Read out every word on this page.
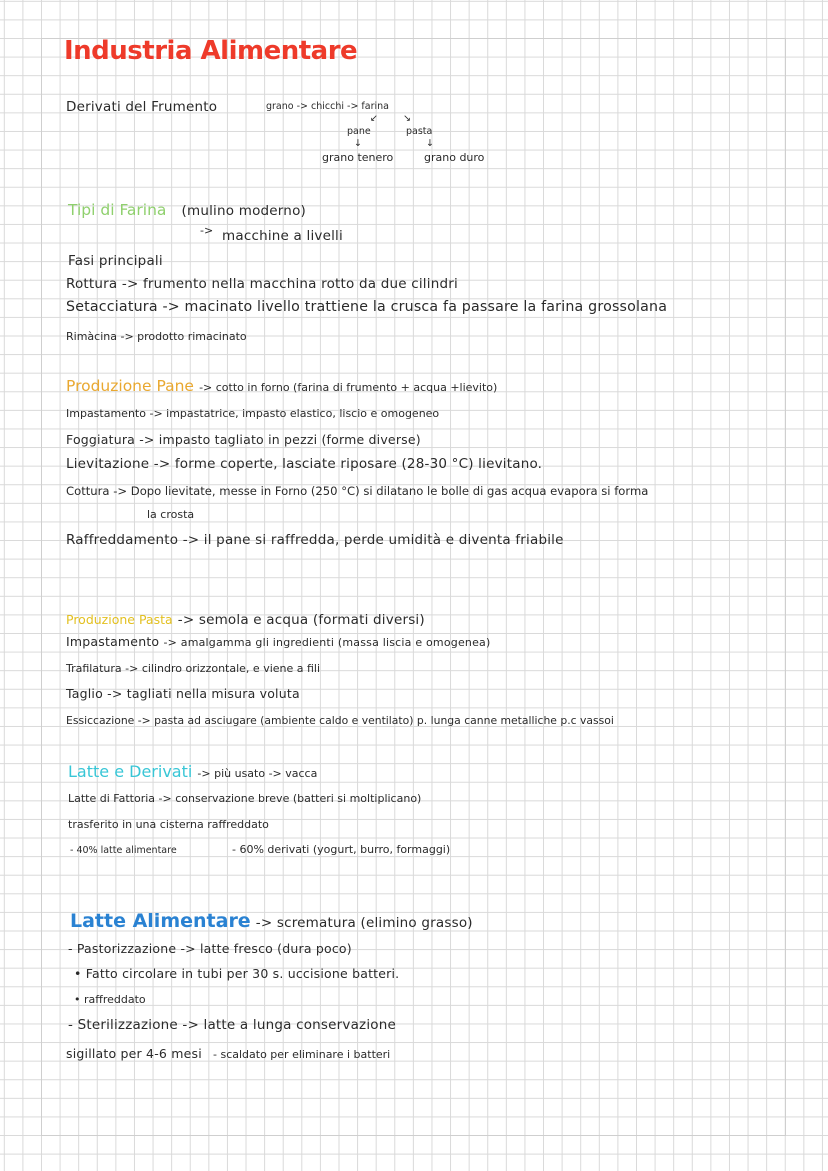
Industria Alimentare
Derivati del Frumento	grano -> chicchi -> farina
↙	↘
pane	pasta
↓	↓
grano tenero	grano duro
Tipi di Farina (mulino moderno)
-> macchine a livelli
Fasi principali
Rottura -> frumento nella macchina rotto da due cilindri
Setacciatura -> macinato livello trattiene la crusca fa passare la farina grossolana
Rimàcina -> prodotto rimacinato
Produzione Pane -> cotto in forno (farina di frumento + acqua +lievito)
Impastamento -> impastatrice, impasto elastico, liscio e omogeneo
Foggiatura -> impasto tagliato in pezzi (forme diverse)
Lievitazione -> forme coperte, lasciate riposare (28-30 °C) lievitano.
Cottura -> Dopo lievitate, messe in Forno (250 °C) si dilatano le bolle di gas acqua evapora si forma
la crosta
Raffreddamento -> il pane si raffredda, perde umidità e diventa friabile
Produzione Pasta -> semola e acqua (formati diversi)
Impastamento -> amalgamma gli ingredienti (massa liscia e omogenea)
Trafilatura -> cilindro orizzontale, e viene a fili
Taglio -> tagliati nella misura voluta
Essiccazione -> pasta ad asciugare (ambiente caldo e ventilato) p. lunga canne metalliche p.c vassoi
Latte e Derivati -> più usato -> vacca
Latte di Fattoria -> conservazione breve (batteri si moltiplicano)
trasferito in una cisterna raffreddato
- 40% latte alimentare	- 60% derivati (yogurt, burro, formaggi)
Latte Alimentare -> scrematura (elimino grasso)
- Pastorizzazione -> latte fresco (dura poco)
• Fatto circolare in tubi per 30 s. uccisione batteri.
• raffreddato
- Sterilizzazione -> latte a lunga conservazione
sigillato per 4-6 mesi - scaldato per eliminare i batteri
